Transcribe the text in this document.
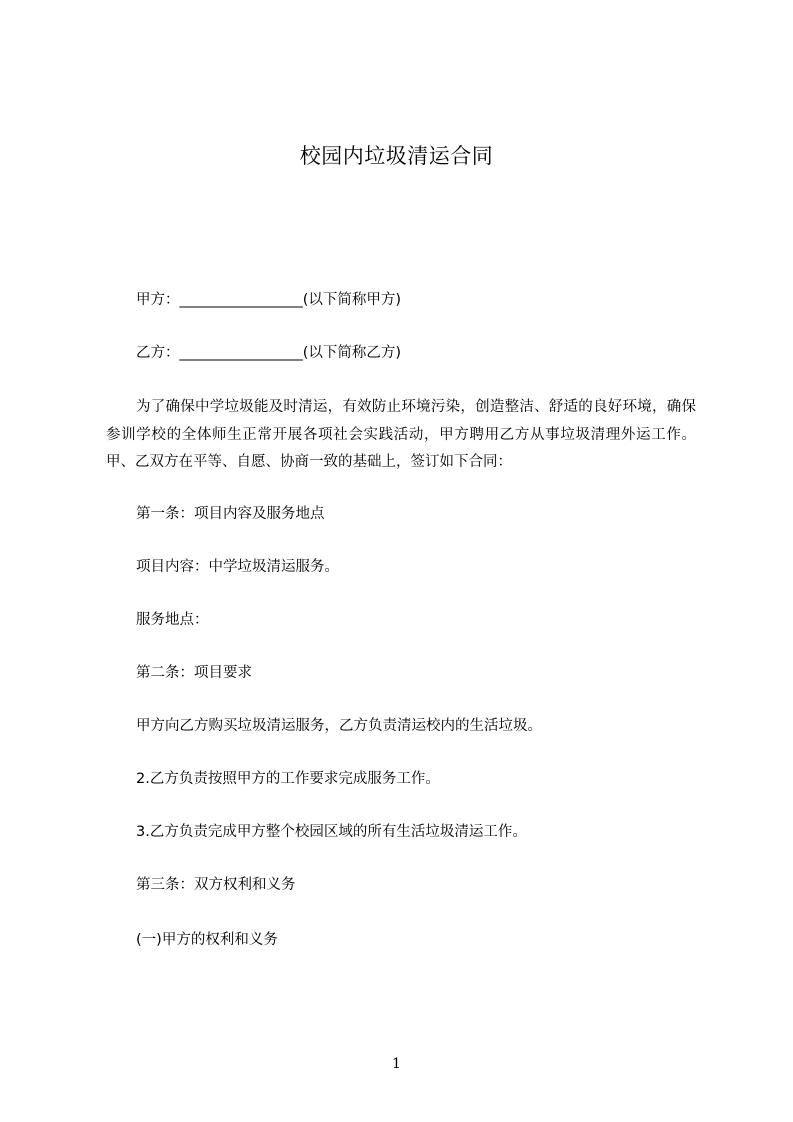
校园内垃圾清运合同
甲方：_________________(以下简称甲方)
乙方：_________________(以下简称乙方)
为了确保中学垃圾能及时清运，有效防止环境污染，创造整洁、舒适的良好环境，确保参训学校的全体师生正常开展各项社会实践活动，甲方聘用乙方从事垃圾清理外运工作。甲、乙双方在平等、自愿、协商一致的基础上，签订如下合同：
第一条：项目内容及服务地点
项目内容：中学垃圾清运服务。
服务地点：
第二条：项目要求
甲方向乙方购买垃圾清运服务，乙方负责清运校内的生活垃圾。
2.乙方负责按照甲方的工作要求完成服务工作。
3.乙方负责完成甲方整个校园区域的所有生活垃圾清运工作。
第三条：双方权利和义务
(一)甲方的权利和义务
1
